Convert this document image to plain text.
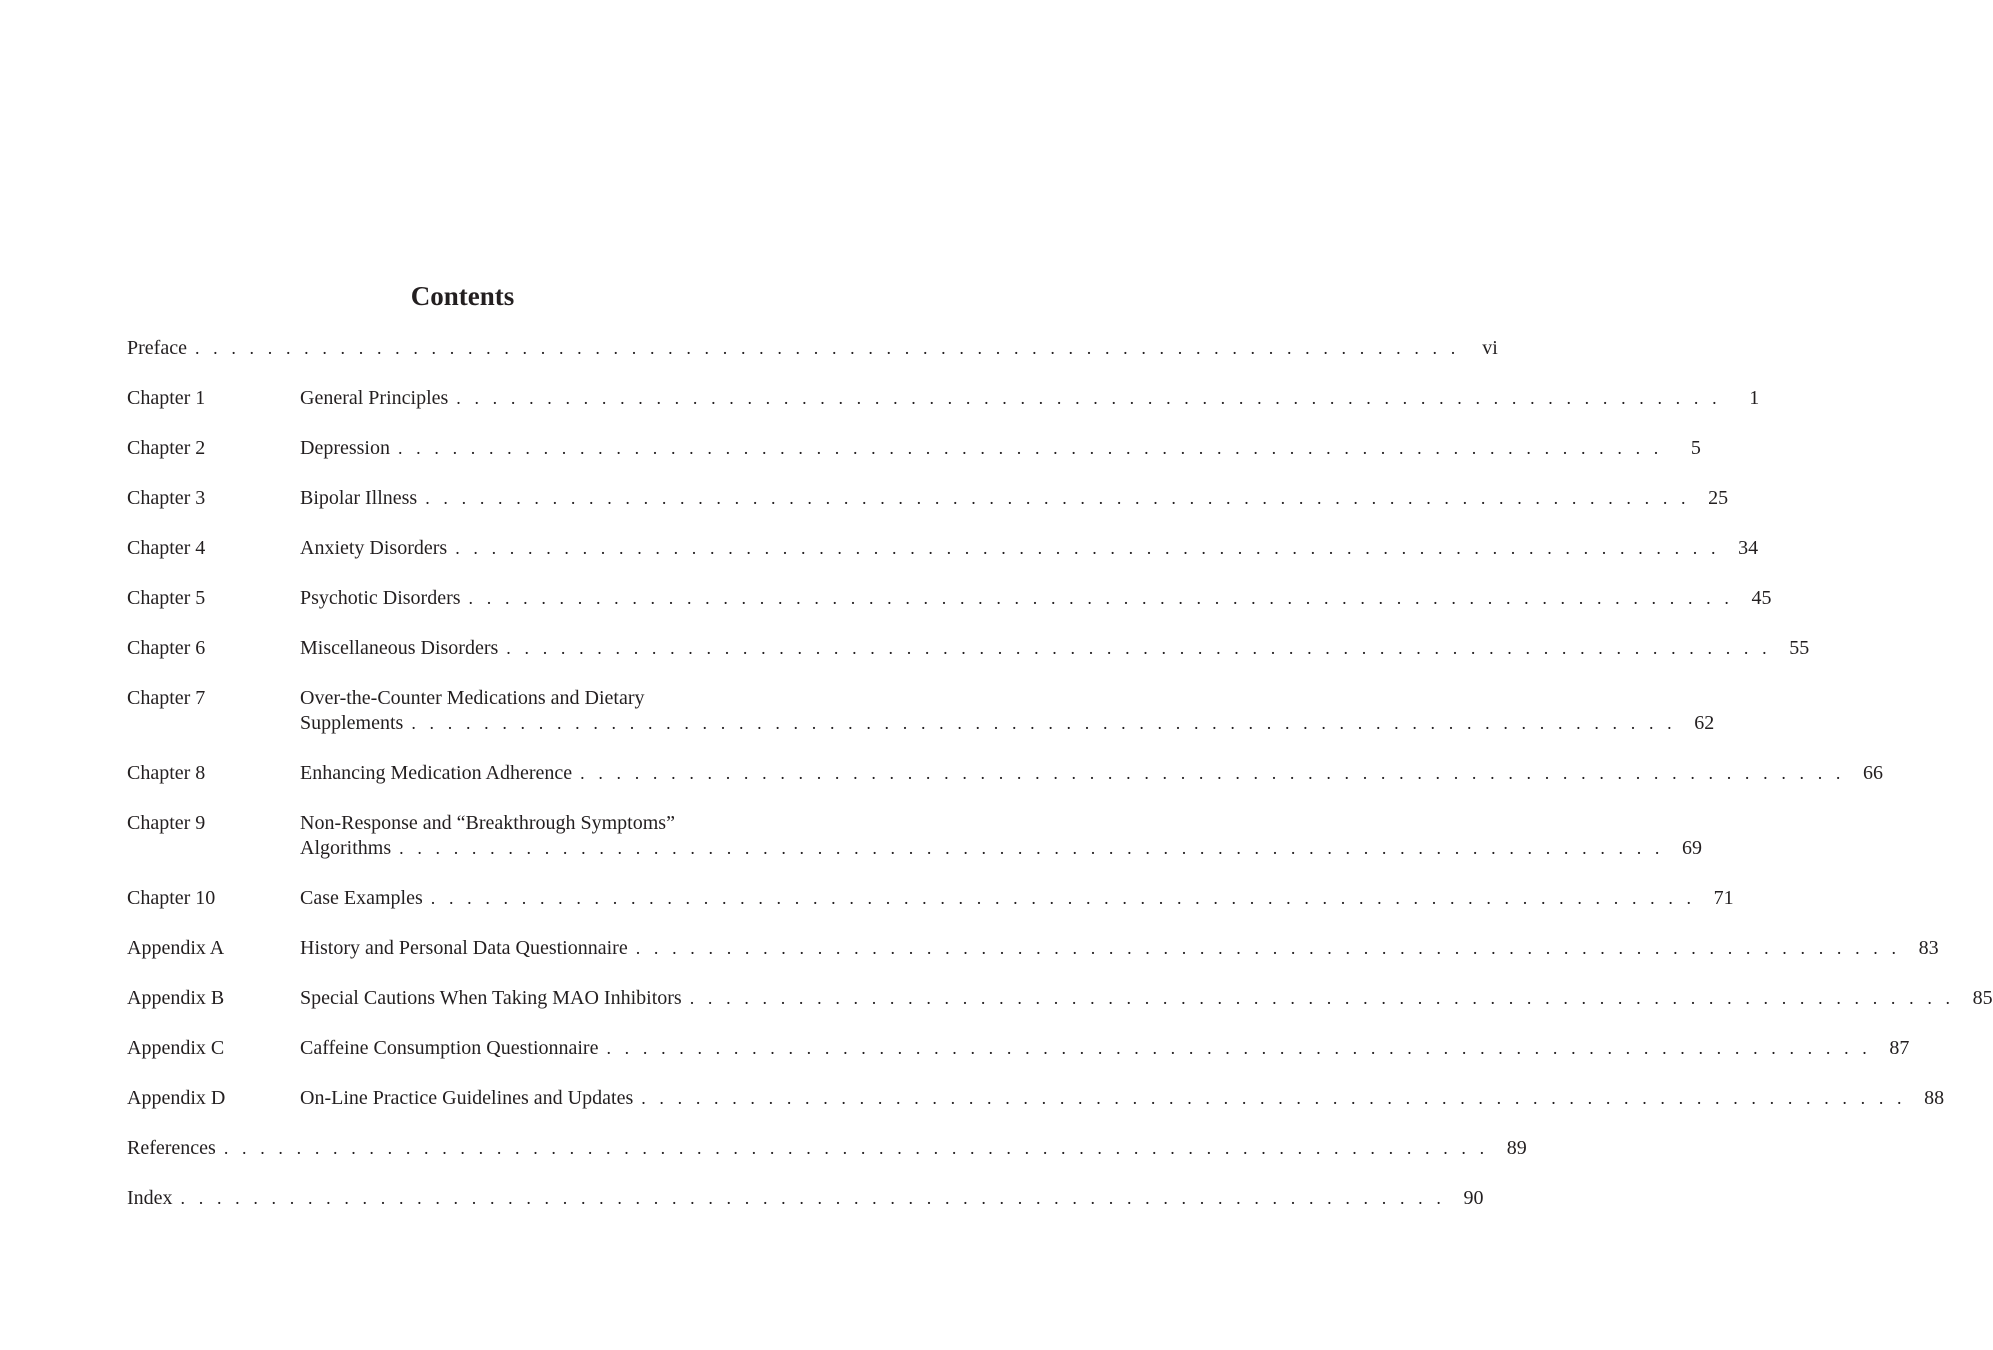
Contents
Preface . . . . . . . . . . . . . . . . . . . . . . . . . . . . . . . . . . . . . . . . . . . . . . . . . . . . . . . . . . . . . . . . . . . . . .	vi
Chapter 1	General Principles . . . . . . . . . . . . . . . . . . . . . . . . . . . . . . . . . . . . . . . . . . . . . . . . . . . . . . . . . . . . . . . . . . . . . .	1
Chapter 2	Depression . . . . . . . . . . . . . . . . . . . . . . . . . . . . . . . . . . . . . . . . . . . . . . . . . . . . . . . . . . . . . . . . . . . . . .	5
Chapter 3	Bipolar Illness . . . . . . . . . . . . . . . . . . . . . . . . . . . . . . . . . . . . . . . . . . . . . . . . . . . . . . . . . . . . . . . . . . . . . . 25
Chapter 4	Anxiety Disorders . . . . . . . . . . . . . . . . . . . . . . . . . . . . . . . . . . . . . . . . . . . . . . . . . . . . . . . . . . . . . . . . . . . . . . 34
Chapter 5	Psychotic Disorders . . . . . . . . . . . . . . . . . . . . . . . . . . . . . . . . . . . . . . . . . . . . . . . . . . . . . . . . . . . . . . . . . . . . . . 45
Chapter 6	Miscellaneous Disorders . . . . . . . . . . . . . . . . . . . . . . . . . . . . . . . . . . . . . . . . . . . . . . . . . . . . . . . . . . . . . . . . . . . . . . 55
Chapter 7	Over-the-Counter Medications and Dietary
Supplements . . . . . . . . . . . . . . . . . . . . . . . . . . . . . . . . . . . . . . . . . . . . . . . . . . . . . . . . . . . . . . . . . . . . . . 62
Chapter 8	Enhancing Medication Adherence . . . . . . . . . . . . . . . . . . . . . . . . . . . . . . . . . . . . . . . . . . . . . . . . . . . . . . . . . . . . . . . . . . . . . . 66
Chapter 9	Non-Response and “Breakthrough Symptoms”
Algorithms . . . . . . . . . . . . . . . . . . . . . . . . . . . . . . . . . . . . . . . . . . . . . . . . . . . . . . . . . . . . . . . . . . . . . . 69
Chapter 10	Case Examples . . . . . . . . . . . . . . . . . . . . . . . . . . . . . . . . . . . . . . . . . . . . . . . . . . . . . . . . . . . . . . . . . . . . . . 71
Appendix A	History and Personal Data Questionnaire . . . . . . . . . . . . . . . . . . . . . . . . . . . . . . . . . . . . . . . . . . . . . . . . . . . . . . . . . . . . . . . . . . . . . . 83
Appendix B	Special Cautions When Taking MAO Inhibitors . . . . . . . . . . . . . . . . . . . . . . . . . . . . . . . . . . . . . . . . . . . . . . . . . . . . . . . . . . . . . . . . . . . . . . 85
Appendix C	Caffeine Consumption Questionnaire . . . . . . . . . . . . . . . . . . . . . . . . . . . . . . . . . . . . . . . . . . . . . . . . . . . . . . . . . . . . . . . . . . . . . . 87
Appendix D	On-Line Practice Guidelines and Updates . . . . . . . . . . . . . . . . . . . . . . . . . . . . . . . . . . . . . . . . . . . . . . . . . . . . . . . . . . . . . . . . . . . . . . 88
References . . . . . . . . . . . . . . . . . . . . . . . . . . . . . . . . . . . . . . . . . . . . . . . . . . . . . . . . . . . . . . . . . . . . . . 89
Index . . . . . . . . . . . . . . . . . . . . . . . . . . . . . . . . . . . . . . . . . . . . . . . . . . . . . . . . . . . . . . . . . . . . . . 90
